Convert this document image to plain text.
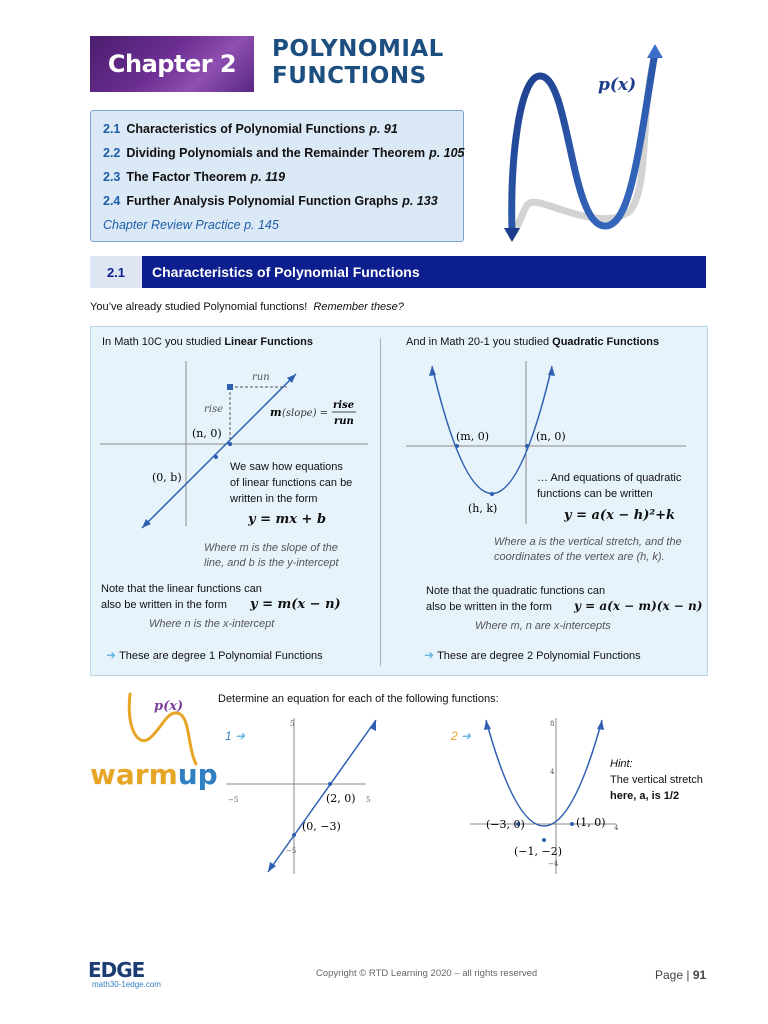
Chapter 2
POLYNOMIAL
FUNCTIONS	p(x)
2.1 Characteristics of Polynomial Functions p. 91
2.2 Dividing Polynomials and the Remainder Theorem p. 105
2.3 The Factor Theorem p. 119
2.4 Further Analysis Polynomial Function Graphs p. 133
Chapter Review Practice p. 145
2.1	Characteristics of Polynomial Functions
You’ve already studied Polynomial functions! Remember these?
In Math 10C you studied Linear Functions
run
rise	m (slope) =
rise
run
(n, 0)
(0, b)
We saw how equations
of linear functions can be
written in the form
y = mx + b
Where m is the slope of the
line, and b is the y-intercept
Note that the linear functions can
also be written in the form	y = m(x − n)
Where n is the x-intercept
➜ These are degree 1 Polynomial Functions
And in Math 20-1 you studied Quadratic Functions
(m, 0)	(n, 0)
(h, k)
… And equations of quadratic
functions can be written
y = a(x − h)²+k
Where a is the vertical stretch, and the
coordinates of the vertex are (h, k).
Note that the quadratic functions can
also be written in the form	y = a(x − m)(x − n)
Where m, n are x-intercepts
➜ These are degree 2 Polynomial Functions
p(x)
warmup
Determine an equation for each of the following functions:
1 ➜
5
−5
−5	5
(2, 0)
(0, −3)
2 ➜
8
4
−4
4
(−3, 0)	(1, 0)
(−1, −2)
Hint:
The vertical stretch
here, a, is 1/2
EDGE
math30-1edge.com
Copyright © RTD Learning 2020 – all rights reserved	Page | 91
